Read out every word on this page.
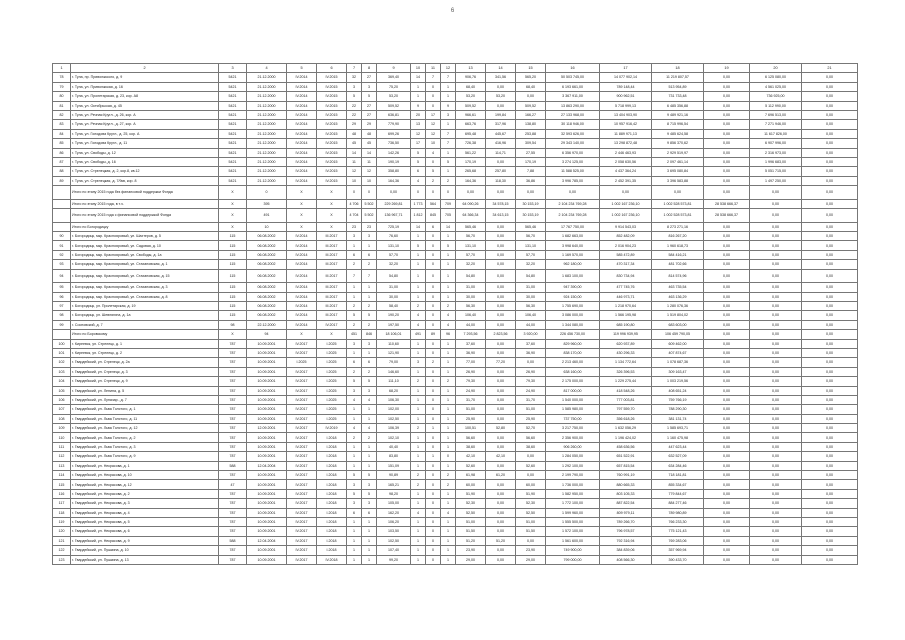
6
1	2	3	4	5	6	7	8	9	10	11	12	13	14	15	16	17	18	19	20	21
78	г. Тула, пр. Приволжского, д. 9	5421	21.12.2000	IV.2014	IV.2015	32	27	369,40	14	7	7	906,76	341,56	565,20	50 503 745,00	14 077 902,14	11 219 807,57	0,00	6 125 080,00	0,00
79	г. Тула, ул. Приволжская, д. 16	5421	21.12.2000	IV.2014	IV.2015	3	3	75,20	1	0	1	68,40	0,00	68,40	6 193 661,00	789 148,44	513 954,89	0,00	4 561 025,00	0,00
80	г. Тула, ул. Пролетарская, д. 23, кор. А8	5421	21.12.2000	IV.2014	IV.2015	5	5	53,20	1	0	1	53,20	53,20	0,00	3 367 911,00	900 962,51	731 733,48	0,00	736 925,00	0,00
81	г. Тула, ул. Октябрьская, д. 45	5421	21.12.2000	IV.2014	IV.2015	22	27	509,52	9	0	9	509,52	0,00	509,52	13 863 290,00	5 718 999,13	6 485 356,88	0,00	5 112 990,00	0,00
82	г. Тула, ул. Речная Кругл., д. 26, кор. А	5421	21.12.2000	IV.2014	IV.2015	22	27	636,81	20	17	3	966,61	199,84	166,27	27 133 968,00	13 404 903,90	9 489 921,16	0,00	7 696 513,00	0,00
83	г. Тула, ул. Речная Кругл., д. 27, кор. А	5421	21.12.2000	IV.2014	IV.2015	29	29	779,90	13	12	1	663,76	317,96	138,80	30 118 946,00	10 957 916,42	8 715 996,54	0,00	7 271 946,00	0,00
84	г. Тула, ул. Голодова Кругл., д. 25, кор. А	5421	21.12.2000	IV.2014	IV.2015	48	48	699,26	12	12	7	695,48	445,67	253,88	32 593 626,00	11 889 971,13	9 485 624,58	0,00	11 617 826,00	0,00
85	г. Тула, ул. Голодова Кругл., д. 11	5421	21.12.2000	IV.2014	IV.2015	45	45	736,50	17	10	7	726,38	416,96	309,54	29 343 140,00	13 298 872,48	9 856 370,62	0,00	6 907 996,00	0,00
86	г. Тула, ул. Свободы, д. 12	5421	21.12.2000	IV.2014	IV.2015	14	14	142,26	5	4	1	561,22	114,71	27,55	6 356 970,00	2 446 463,93	2 929 519,97	0,00	2 316 973,00	0,00
87	г. Тула, ул. Свободы, д. 16	5421	21.12.2000	IV.2014	IV.2015	11	11	190,19	5	0	5	170,19	0,00	170,19	3 274 125,00	2 058 630,56	2 097 461,14	0,00	1 996 683,00	0,00
88	г. Тула, ул. Стрелецкая, д. 2, кор.8, кв.12	5421	21.12.2000	IV.2014	IV.2015	12	12	358,80	6	5	1	265,68	257,80	7,88	11 588 525,00	4 437 364,24	3 695 080,84	0,00	5 051 715,00	0,00
89	г. Тула, ул. Стрелецкая, д. 7/9кв, кор. 8	5421	21.12.2000	IV.2014	IV.2015	10	10	164,36	4	2	2	164,36	118,30	36,86	3 996 785,00	2 452 391,35	3 396 583,88	0,00	1 497 250,00	0,00
	Итого по этапу 2015 года без финансовой поддержки Фонда	X	0	X	X	0	0	0,00	0	0	0	0,00	0,00	0,00	0,00	0,00	0,00	0,00	0,00	0,00
	Итого по этапу 2015 года, в т.ч.	X	395	X	X	4 706	5 502	229 269,81	1 773	564	709	64 090,26	34 578,15	30 153,19	2 104 234 769,28	1 002 167 236,10	1 002 528 573,81	28 538 666,37	0,00	0,00
	Итого по этапу 2015 года с финансовой поддержкой Фонда	X	491	X	X	4 704	5 502	136 967,71	1 812	845	705	64 366,34	34 613,15	30 153,19	2 104 234 769,28	1 002 167 236,10	1 002 528 573,81	28 538 666,37	0,00	0,00
	Итого по Богородицку	X	10	X	X	23	23	725,19	14	6	14	565,46	0,00	565,46	17 767 750,00	9 914 543,03	8 273 271,16	0,00	0,00	0,00
90	г. Богородицк, мкр. Краснояровый, ул. Шахтеров, д. 5	115	06.08.2002	IV.2014	III.2017	3	3	76,60	1	0	1	56,70	0,00	56,70	1 682 663,00	852 482,09	816 267,20	0,00	0,00	0,00
91	г. Богородицк, мкр. Краснояровый, ул. Садовая, д. 10	115	06.08.2002	IV.2014	III.2017	1	1	131,10	5	0	5	131,10	0,00	131,10	3 998 640,00	2 016 904,23	1 960 618,73	0,00	0,00	0,00
92	г. Богородицк, мкр. Краснояровый, ул. Свободы, д. 1а	115	06.08.2002	IV.2014	III.2017	6	6	57,70	1	0	1	57,70	0,00	57,70	1 169 570,00	585 472,89	584 416,21	0,00	0,00	0,00
93	г. Богородицк, мкр. Краснояровый, ул. Стахановская, д. 1	115	06.08.2002	IV.2014	III.2017	2	2	32,20	1	0	1	32,20	0,00	32,20	962 180,00	470 317,34	481 702,66	0,00	0,00	0,00
94	г. Богородицк, мкр. Краснояровый, ул. Стахановская, д. 15	115	06.08.2002	IV.2014	III.2017	7	7	54,80	1	0	1	54,80	0,00	54,80	1 683 100,00	830 734,94	814 574,96	0,00	0,00	0,00
95	г. Богородицк, мкр. Краснояровый, ул. Стахановская, д. 3	115	06.08.2002	IV.2014	III.2017	1	1	31,00	1	0	1	31,00	0,00	31,00	947 390,00	477 745,76	463 735,54	0,00	0,00	0,00
96	г. Богородицк, мкр. Краснояровый, ул. Стахановская, д. 8	115	06.08.2002	IV.2014	III.2017	1	1	30,00	1	0	1	30,00	0,00	30,00	924 150,00	446 973,71	463 136,29	0,00	0,00	0,00
97	г. Богородицк, ул. Пролетарская, д. 19	115	06.08.2002	IV.2014	III.2017	2	2	58,40	2	0	2	56,30	0,00	56,30	1 755 690,00	1 218 970,64	1 280 076,36	0,00	0,00	0,00
98	г. Богородицк, ул. Шевлягина, д. 1а	115	06.08.2002	IV.2014	III.2017	5	5	190,20	4	0	4	106,40	0,00	106,40	3 086 000,00	1 566 195,98	1 519 804,02	0,00	0,00	0,00
99	г. Сосновский, д. 7	98	22.12.2000	IV.2014	IV.2017	2	2	197,50	4	0	4	44,00	0,00	44,00	1 344 080,00	685 190,80	683 603,00	0,00	0,00	0,00
	Итого по Боровскому	X	94	X	X	451	846	18 106,01	491	89	96	7 293,56	2 823,56	3 920,00	226 456 730,00	119 996 939,95	106 459 790,05	0,00	0,00	0,00
100	г. Киреевск, ул. Стрелецк, д. 1	787	10.09.2001	IV.2017	I.2025	3	3	110,60	1	0	1	37,60	0,00	37,60	829 960,00	620 937,89	609 462,00	0,00	0,00	0,00
101	г. Киреевск, ул. Стрелецк, д. 2	787	10.09.2001	IV.2017	I.2025	1	1	121,90	1	0	1	36,90	0,00	36,90	838 170,00	430 296,33	407 874,67	0,00	0,00	0,00
102	г. Гвардейский, ул. Стрелецк, д. 2а	787	10.09.2001	I.2025	I.2025	6	6	79,00	3	2	1	77,00	77,20	0,00	2 213 460,00	1 134 772,64	1 078 687,36	0,00	0,00	0,00
103	г. Гвардейский, ул. Стрелецк, д. 3	787	10.09.2001	IV.2017	I.2025	2	2	146,60	1	0	1	26,90	0,00	26,90	638 160,00	326 396,53	309 163,47	0,00	0,00	0,00
104	г. Гвардейский, ул. Стрелецк, д. 9	787	10.09.2001	IV.2017	I.2025	5	5	111,10	2	0	2	79,30	0,00	79,30	2 175 000,00	1 229 275,44	1 003 219,56	0,00	0,00	0,00
105	г. Гвардейский, ул. Ленина, д. 5	787	10.09.2001	IV.2017	I.2025	3	3	68,20	1	0	1	24,90	0,00	24,90	817 000,00	418 548,26	408 651,24	0,00	0,00	0,00
106	г. Гвардейский, ул. Луначар., д. 7	787	10.09.2001	IV.2017	I.2025	4	4	106,30	1	0	1	31,70	0,00	31,70	1 540 000,00	777 003,81	759 766,19	0,00	0,00	0,00
107	г. Гвардейский, ул. Льва Толстого, д. 1	787	10.09.2001	IV.2017	I.2025	1	1	102,00	1	0	1	51,00	0,00	51,00	1 585 980,00	797 559,70	788 290,30	0,00	0,00	0,00
108	г. Гвардейский, ул. Льва Толстого, д. 11	787	10.09.2001	IV.2017	I.2025	1	1	102,50	1	0	1	25,90	0,00	25,90	737 750,00	356 618,26	381 131,74	0,00	0,00	0,00
109	г. Гвардейский, ул. Льва Толстого, д. 12	787	12.09.2001	IV.2017	IV.2019	4	4	106,39	2	1	1	100,51	52,80	52,70	3 217 750,00	1 632 056,29	1 585 693,71	0,00	0,00	0,00
110	г. Гвардейский, ул. Льва Толстого, д. 2	787	10.09.2001	IV.2017	I.2018	2	2	102,10	1	0	1	56,60	0,00	56,60	2 356 900,00	1 196 424,02	1 160 475,98	0,00	0,00	0,00
111	г. Гвардейский, ул. Льва Толстого, д. 3	787	10.09.2001	IV.2017	I.2018	1	1	40,40	1	0	1	38,60	0,00	38,60	906 260,00	458 636,56	447 623,44	0,00	0,00	0,00
112	г. Гвардейский, ул. Льва Толстого, д. 9	787	10.09.2001	IV.2017	I.2018	1	1	83,80	1	1	0	42,10	42,10	0,00	1 284 050,00	651 522,91	632 527,09	0,00	0,00	0,00
113	г. Гвардейский, ул. Некрасова, д. 1	588	12.04.2004	IV.2017	I.2018	1	1	151,09	1	0	1	52,60	0,00	52,60	1 292 100,00	657 815,54	634 284,46	0,00	0,00	0,00
114	г. Гвардейский, ул. Некрасова, д. 10	787	10.09.2001	IV.2017	I.2018	5	5	90,89	2	0	2	61,98	61,20	0,00	2 199 790,00	760 991,19	718 181,81	0,00	0,00	0,00
115	г. Гвардейский, ул. Некрасова, д. 12	47	10.09.2001	IV.2017	I.2018	3	3	165,21	2	0	2	60,00	0,00	60,00	1 736 000,00	880 665,33	855 334,67	0,00	0,00	0,00
116	г. Гвардейский, ул. Некрасова, д. 2	787	10.09.2001	IV.2017	I.2018	5	5	98,20	1	0	1	51,90	0,00	51,90	1 582 950,00	803 105,33	779 844,67	0,00	0,00	0,00
117	г. Гвардейский, ул. Некрасова, д. 3	787	10.09.2001	IV.2017	I.2018	3	3	105,00	1	0	1	52,30	0,00	52,30	1 772 100,00	887 822,54	884 277,46	0,00	0,00	0,00
118	г. Гвардейский, ул. Некрасова, д. 4	787	10.09.2001	IV.2017	I.2018	6	6	162,20	4	0	4	52,50	0,00	52,50	1 599 960,00	809 979,11	789 980,89	0,00	0,00	0,00
119	г. Гвардейский, ул. Некрасова, д. 5	787	10.09.2001	IV.2017	I.2018	1	1	106,20	1	0	1	51,00	0,00	51,00	1 555 500,00	789 266,70	766 233,30	0,00	0,00	0,00
120	г. Гвардейский, ул. Некрасова, д. 6	787	10.09.2001	IV.2017	I.2018	1	1	103,50	1	0	1	51,50	0,00	51,50	1 572 100,00	796 978,57	775 121,43	0,00	0,00	0,00
121	г. Гвардейский, ул. Некрасова, д. 9	588	12.04.2004	IV.2017	I.2018	1	1	102,50	1	0	1	51,20	51,20	0,00	1 561 600,00	792 316,94	769 283,06	0,00	0,00	0,00
122	г. Гвардейский, ул. Пушкина, д. 10	787	10.09.2001	IV.2017	I.2018	1	1	107,40	1	0	1	23,90	0,00	23,90	749 900,00	384 839,06	357 969,94	0,00	0,00	0,00
123	г. Гвардейский, ул. Пушкина, д. 13	787	10.09.2001	IV.2017	IV.2018	1	1	99,20	1	0	1	29,00	0,00	29,00	799 000,00	408 566,30	390 433,70	0,00	0,00	0,00
